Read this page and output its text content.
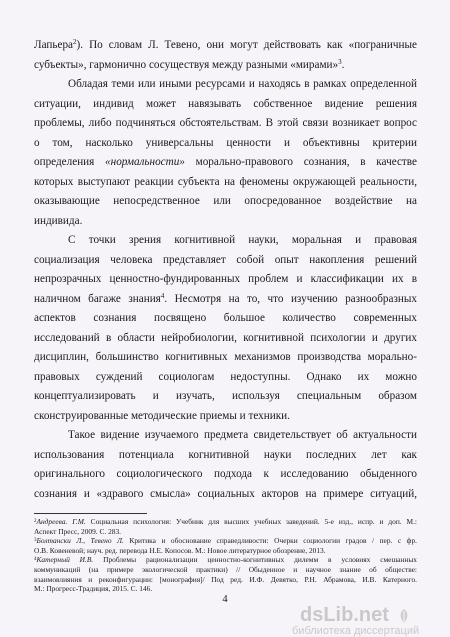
Лапьера$^2$). По словам Л. Тевено, они могут действовать как «пограничные
субъекты», гармонично сосуществуя между разными «мирами»$^3$.
Обладая теми или иными ресурсами и находясь в рамках определенной
ситуации, индивид может навязывать собственное видение решения
проблемы, либо подчиняться обстоятельствам. В этой связи возникает вопрос
о том, насколько универсальны ценности и объективны критерии
определения «нормальности» морально-правового сознания, в качестве
которых выступают реакции субъекта на феномены окружающей реальности,
оказывающие непосредственное или опосредованное воздействие на
индивида.
С точки зрения когнитивной науки, моральная и правовая
социализация человека представляет собой опыт накопления решений
непрозрачных ценностно-фундированных проблем и классификации их в
наличном багаже знания$^4$. Несмотря на то, что изучению разнообразных
аспектов сознания посвящено большое количество современных
исследований в области нейробиологии, когнитивной психологии и других
дисциплин, большинство когнитивных механизмов производства морально-
правовых суждений социологам недоступны. Однако их можно
концептуализировать и изучать, используя специальным образом
сконструированные методические приемы и техники.
Такое видение изучаемого предмета свидетельствует об актуальности
использования потенциала когнитивной науки последних лет как
оригинального социологического подхода к исследованию обыденного
сознания и «здравого смысла» социальных акторов на примере ситуаций,
$^2$Андреева. Г.М. Социальная психология: Учебник для высших учебных заведений. 5-е изд., испр. и доп. М.:
Аспект Пресс, 2009. С. 283.
$^3$Болтански Л., Тевено Л. Критика и обоснование справедливости: Очерки социологии градов / пер. с фр.
О.В. Ковеневой; науч. ред. перевода Н.Е. Копосов. М.: Новое литературное обозрение, 2013.
$^4$Катерный И.В. Проблемы рационализации ценностно-когнитивных дилемм в условиях смешанных
коммуникаций (на примере экологической практики) // Обыденное и научное знание об обществе:
взаимовлияния и реконфигурации: [монография]/ Под ред. И.Ф. Девятко, Р.Н. Абрамова, И.В. Катерного.
М.: Прогресс-Традиция, 2015. С. 146.
4
dsLib.net
библиотека диссертаций
